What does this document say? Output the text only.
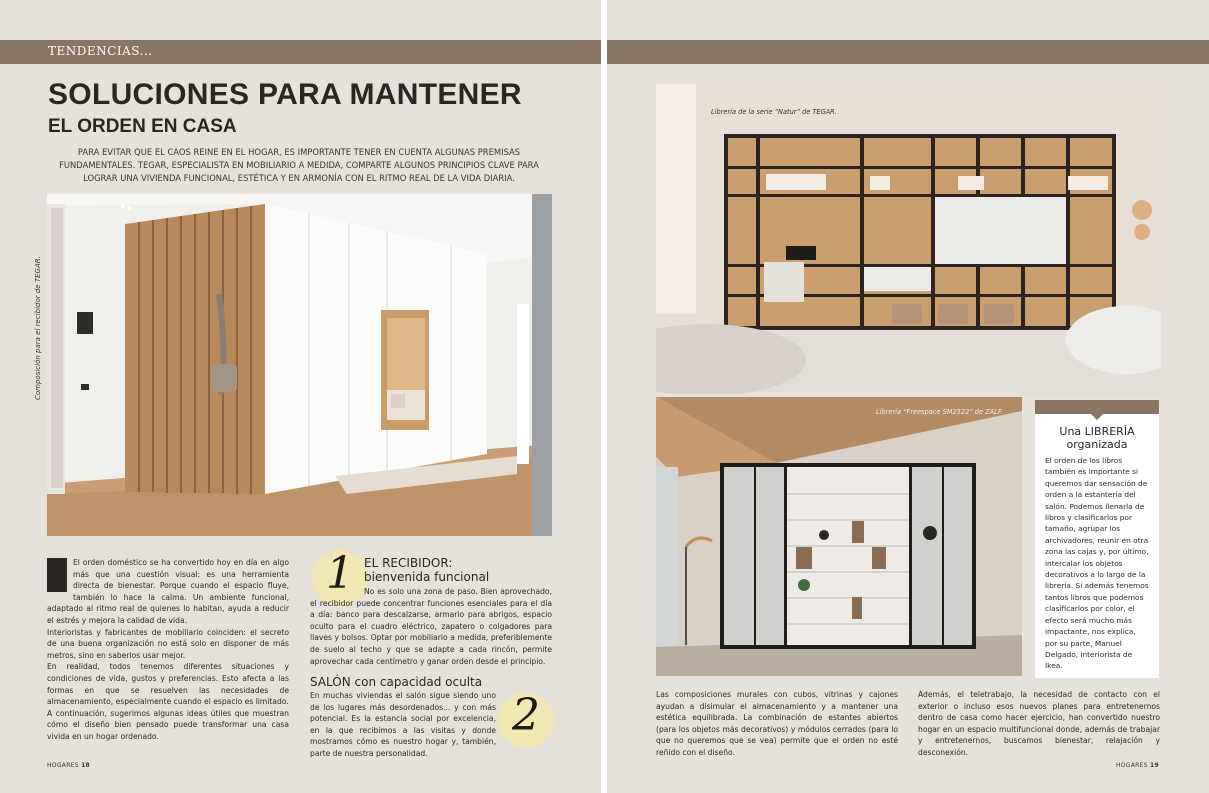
TENDENCIAS...
SOLUCIONES PARA MANTENER
EL ORDEN EN CASA

PARA EVITAR QUE EL CAOS REINE EN EL HOGAR, ES IMPORTANTE TENER EN CUENTA ALGUNAS PREMISAS FUNDAMENTALES. TEGAR, ESPECIALISTA EN MOBILIARIO A MEDIDA, COMPARTE ALGUNOS PRINCIPIOS CLAVE PARA LOGRAR UNA VIVIENDA FUNCIONAL, ESTÉTICA Y EN ARMONÍA CON EL RITMO REAL DE LA VIDA DIARIA.

Composición para el recibidor de TEGAR.

El orden doméstico se ha convertido hoy en día en algo más que una cuestión visual: es una herramienta directa de bienestar. Porque cuando el espacio fluye, también lo hace la calma. Un ambiente funcional, adaptado al ritmo real de quienes lo habitan, ayuda a reducir el estrés y mejora la calidad de vida.

Interioristas y fabricantes de mobiliario coinciden: el secreto de una buena organización no está solo en disponer de más metros, sino en saberlos usar mejor.

En realidad, todos tenemos diferentes situaciones y condiciones de vida, gustos y preferencias. Esto afecta a las formas en que se resuelven las necesidades de almacenamiento, especialmente cuando el espacio es limitado.

A continuación, sugerimos algunas ideas útiles que muestran cómo el diseño bien pensado puede transformar una casa vivida en un hogar ordenado.

1 EL RECIBIDOR:
bienvenida funcional

No es solo una zona de paso. Bien aprovechado, el recibidor puede concentrar funciones esenciales para el día a día: banco para descalzarse, armario para abrigos, espacio oculto para el cuadro eléctrico, zapatero o colgadores para llaves y bolsos. Optar por mobiliario a medida, preferiblemente de suelo al techo y que se adapte a cada rincón, permite aprovechar cada centímetro y ganar orden desde el principio.

SALÓN con capacidad oculta

En muchas viviendas el salón sigue siendo uno de los lugares más desordenados... y con más potencial. Es la estancia social por excelencia, en la que recibimos a las visitas y donde mostramos cómo es nuestro hogar y, también, parte de nuestra personalidad.

2
HOGARES 18
Librería de la serie “Natur” de TEGAR.
Librería “Freespace SM2522” de ZALF.
Una LIBRERÍA
organizada

El orden de los libros también es importante si queremos dar sensación de orden a la estantería del salón. Podemos llenarla de libros y clasificarlos por tamaño, agrupar los archivadores, reunir en otra zona las cajas y, por último, intercalar los objetos decorativos a lo largo de la librería. Si además tenemos tantos libros que podemos clasificarlos por color, el efecto será mucho más impactante, nos explica, por su parte, Manuel Delgado, interiorista de Ikea.

Las composiciones murales con cubos, vitrinas y cajones ayudan a disimular el almacenamiento y a mantener una estética equilibrada. La combinación de estantes abiertos (para los objetos más decorativos) y módulos cerrados (para lo que no queremos que se vea) permite que el orden no esté reñido con el diseño.

Además, el teletrabajo, la necesidad de contacto con el exterior o incluso esos nuevos planes para entretenernos dentro de casa como hacer ejercicio, han convertido nuestro hogar en un espacio multifuncional donde, además de trabajar y entretenernos, buscamos bienestar, relajación y desconexión.

HOGARES 19
